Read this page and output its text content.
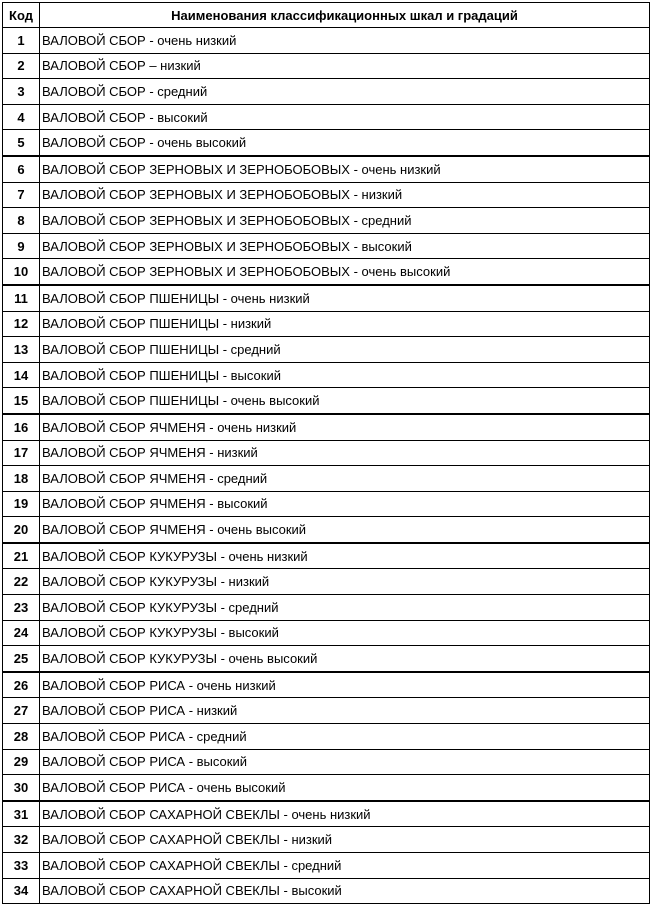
Код	Наименования классификационных шкал и градаций
1	ВАЛОВОЙ СБОР - очень низкий
2	ВАЛОВОЙ СБОР – низкий
3	ВАЛОВОЙ СБОР - средний
4	ВАЛОВОЙ СБОР - высокий
5	ВАЛОВОЙ СБОР - очень высокий
6	ВАЛОВОЙ СБОР ЗЕРНОВЫХ И ЗЕРНОБОБОВЫХ - очень низкий
7	ВАЛОВОЙ СБОР ЗЕРНОВЫХ И ЗЕРНОБОБОВЫХ - низкий
8	ВАЛОВОЙ СБОР ЗЕРНОВЫХ И ЗЕРНОБОБОВЫХ - средний
9	ВАЛОВОЙ СБОР ЗЕРНОВЫХ И ЗЕРНОБОБОВЫХ - высокий
10	ВАЛОВОЙ СБОР ЗЕРНОВЫХ И ЗЕРНОБОБОВЫХ - очень высокий
11	ВАЛОВОЙ СБОР ПШЕНИЦЫ - очень низкий
12	ВАЛОВОЙ СБОР ПШЕНИЦЫ - низкий
13	ВАЛОВОЙ СБОР ПШЕНИЦЫ - средний
14	ВАЛОВОЙ СБОР ПШЕНИЦЫ - высокий
15	ВАЛОВОЙ СБОР ПШЕНИЦЫ - очень высокий
16	ВАЛОВОЙ СБОР ЯЧМЕНЯ - очень низкий
17	ВАЛОВОЙ СБОР ЯЧМЕНЯ - низкий
18	ВАЛОВОЙ СБОР ЯЧМЕНЯ - средний
19	ВАЛОВОЙ СБОР ЯЧМЕНЯ - высокий
20	ВАЛОВОЙ СБОР ЯЧМЕНЯ - очень высокий
21	ВАЛОВОЙ СБОР КУКУРУЗЫ - очень низкий
22	ВАЛОВОЙ СБОР КУКУРУЗЫ - низкий
23	ВАЛОВОЙ СБОР КУКУРУЗЫ - средний
24	ВАЛОВОЙ СБОР КУКУРУЗЫ - высокий
25	ВАЛОВОЙ СБОР КУКУРУЗЫ - очень высокий
26	ВАЛОВОЙ СБОР РИСА - очень низкий
27	ВАЛОВОЙ СБОР РИСА - низкий
28	ВАЛОВОЙ СБОР РИСА - средний
29	ВАЛОВОЙ СБОР РИСА - высокий
30	ВАЛОВОЙ СБОР РИСА - очень высокий
31	ВАЛОВОЙ СБОР САХАРНОЙ СВЕКЛЫ - очень низкий
32	ВАЛОВОЙ СБОР САХАРНОЙ СВЕКЛЫ - низкий
33	ВАЛОВОЙ СБОР САХАРНОЙ СВЕКЛЫ - средний
34	ВАЛОВОЙ СБОР САХАРНОЙ СВЕКЛЫ - высокий
